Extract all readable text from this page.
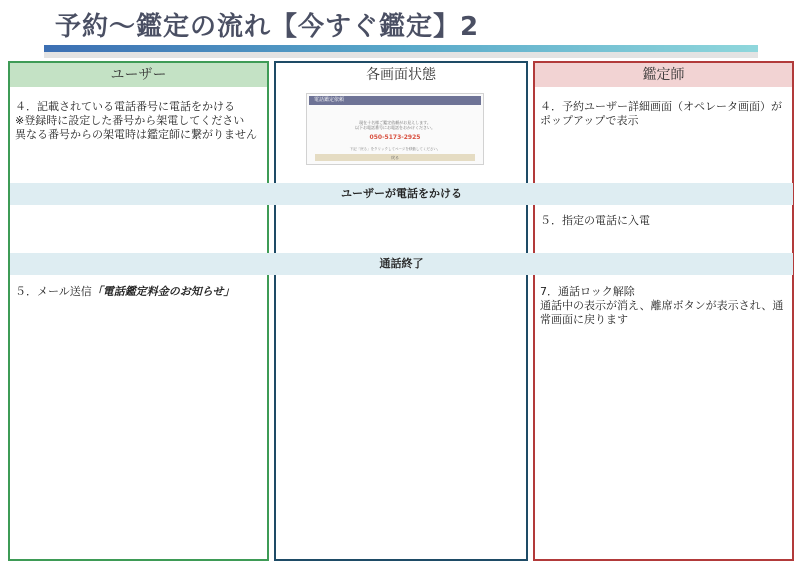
予約～鑑定の流れ【今すぐ鑑定】2
ユーザー	各画面状態	鑑定師
４．記載されている電話番号に電話をかける
※登録時に設定した番号から架電してください
異なる番号からの架電時は鑑定師に繋がりません
５．メール送信「電話鑑定料金のお知らせ」
４．予約ユーザー詳細画面（オペレータ画面）が
ポップアップで表示
５．指定の電話に入電
7．通話ロック解除
通話中の表示が消え、離席ボタンが表示され、通
常画面に戻ります
ユーザーが電話をかける
通話終了
電話鑑定依頼
現在十名様ご鑑定依頼がお見えします。
以下お電話番号にお電話をおかけください。
050-5173-2925
下記「戻る」をクリックしてページを移動してください。
戻る
